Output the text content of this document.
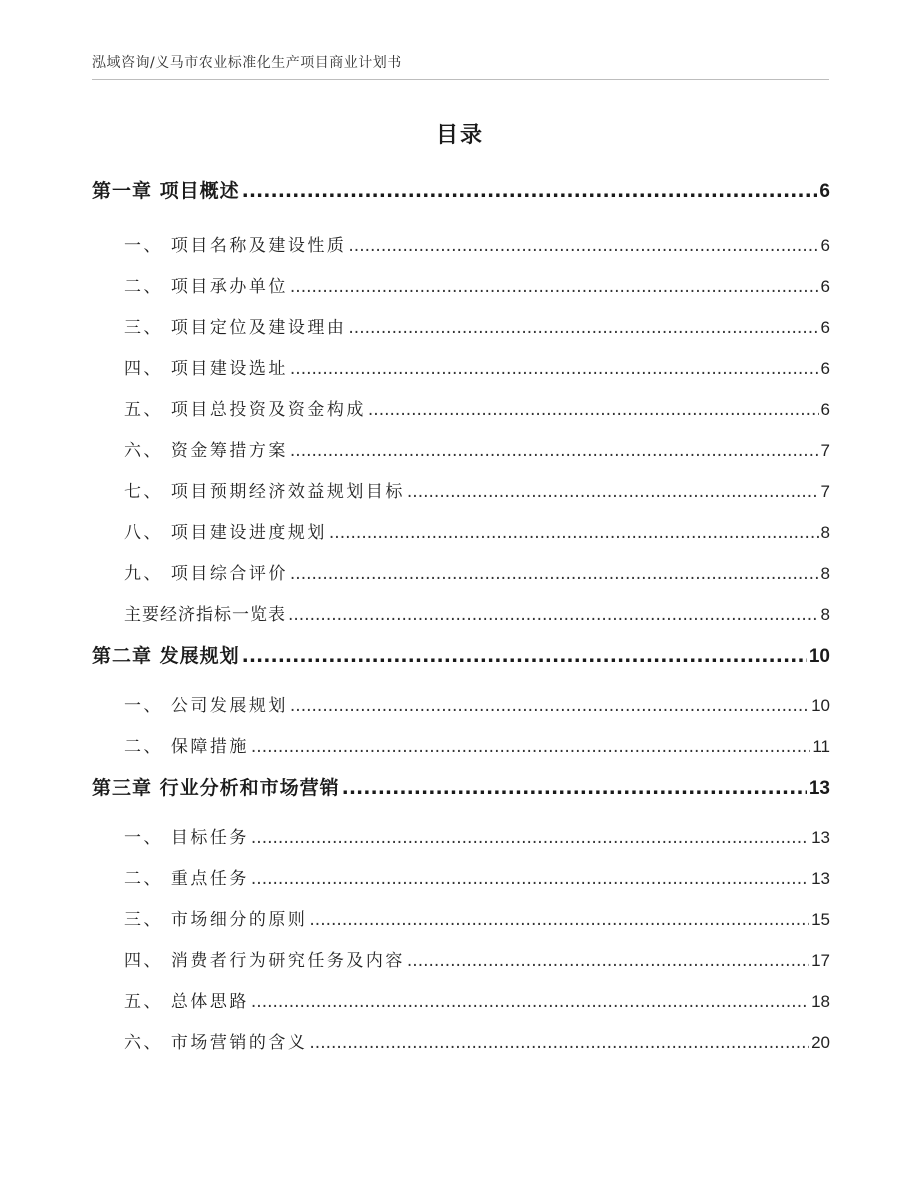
泓域咨询/义马市农业标准化生产项目商业计划书
目录
第一章 项目概述 .....	6
一、 项目名称及建设性质 .....	6
二、 项目承办单位 .....	6
三、 项目定位及建设理由 .....	6
四、 项目建设选址 .....	6
五、 项目总投资及资金构成 .....	6
六、 资金筹措方案 .....	7
七、 项目预期经济效益规划目标 .....	7
八、 项目建设进度规划 .....	8
九、 项目综合评价 .....	8
主要经济指标一览表 .....	8
第二章 发展规划 .....	10
一、 公司发展规划 .....	10
二、 保障措施 .....	11
第三章 行业分析和市场营销 .....	13
一、 目标任务 .....	13
二、 重点任务 .....	13
三、 市场细分的原则 .....	15
四、 消费者行为研究任务及内容 .....	17
五、 总体思路 .....	18
六、 市场营销的含义 .....	20
